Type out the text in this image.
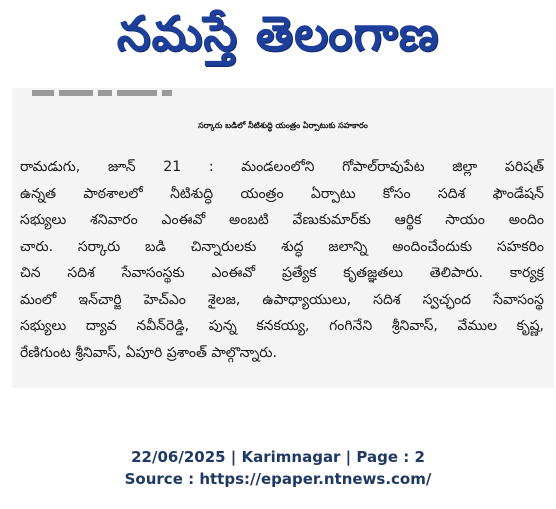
నమస్తే తెలంగాణ
సర్కారు బడిలో నీటిశుద్ధి యంత్రం ఏర్పాటుకు సహకారం
రామడుగు, జూన్ 21 : మండలంలోని గోపాల్‌రావుపేట జిల్లా పరిషత్
ఉన్నత పాఠశాలలో నీటిశుద్ధి యంత్రం ఏర్పాటు కోసం సదిశ ఫౌండేషన్
సభ్యులు శనివారం ఎంఈవో అంబటి వేణుకుమార్‌కు ఆర్థిక సాయం అందిం
చారు. సర్కారు బడి చిన్నారులకు శుద్ధ జలాన్ని అందించేందుకు సహకరిం
చిన సదిశ సేవాసంస్థకు ఎంఈవో ప్రత్యేక కృతజ్ఞతలు తెలిపారు. కార్యక్ర
మంలో ఇన్‌చార్జి హెచ్‌ఎం శైలజ, ఉపాధ్యాయులు, సదిశ స్వచ్ఛంద సేవాసంస్థ
సభ్యులు ద్యావ నవీన్‌రెడ్డి, పున్న కనకయ్య, గంగినేని శ్రీనివాస్, వేముల కృష్ణ,
రేణిగుంట శ్రీనివాస్, ఏపూరి ప్రశాంత్ పాల్గొన్నారు.
22/06/2025 | Karimnagar | Page : 2
Source : https://epaper.ntnews.com/
